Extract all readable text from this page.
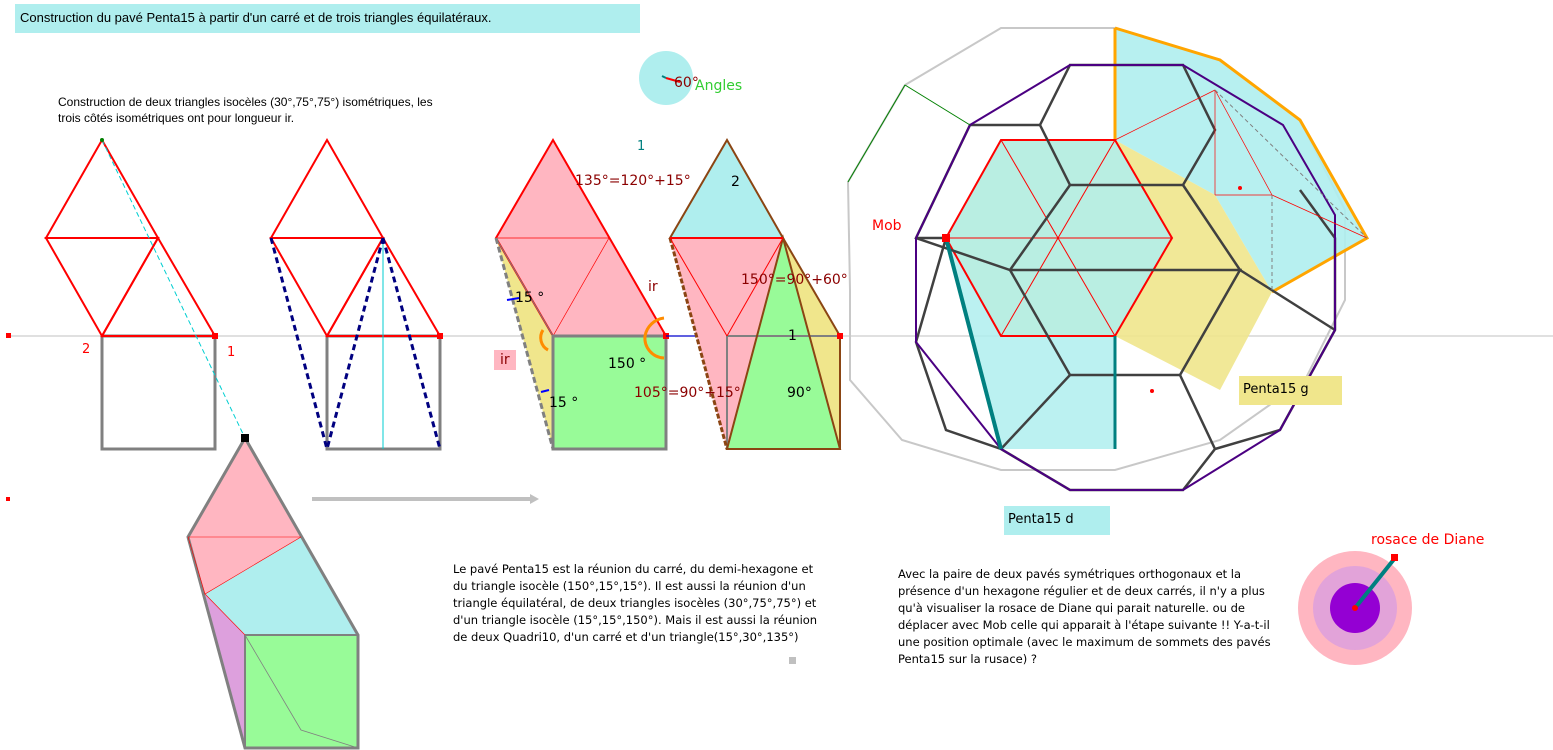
Construction du pavé Penta15 à partir d'un carré et de trois triangles équilatéraux.
Construction de deux triangles isocèles (30°,75°,75°) isométriques, les
trois côtés isométriques ont pour longueur ir.
Angles
60°
2	1
1
2
1
135°=120°+15°
ir	150°=90°+60°
15 °
ir	150 °
15 °
105°=90°+15°	90°
Mob
Penta15 g
Penta15 d
rosace de Diane
Le pavé Penta15 est la réunion du carré, du demi-hexagone et
du triangle isocèle (150°,15°,15°). Il est aussi la réunion d'un
triangle équilatéral, de deux triangles isocèles (30°,75°,75°) et
d'un triangle isocèle (15°,15°,150°). Mais il est aussi la réunion
de deux Quadri10, d'un carré et d'un triangle(15°,30°,135°)
Avec la paire de deux pavés symétriques orthogonaux et la
présence d'un hexagone régulier et de deux carrés, il n'y a plus
qu'à visualiser la rosace de Diane qui parait naturelle. ou de
déplacer avec Mob celle qui apparait à l'étape suivante !! Y-a-t-il
une position optimale (avec le maximum de sommets des pavés
Penta15 sur la rusace) ?
